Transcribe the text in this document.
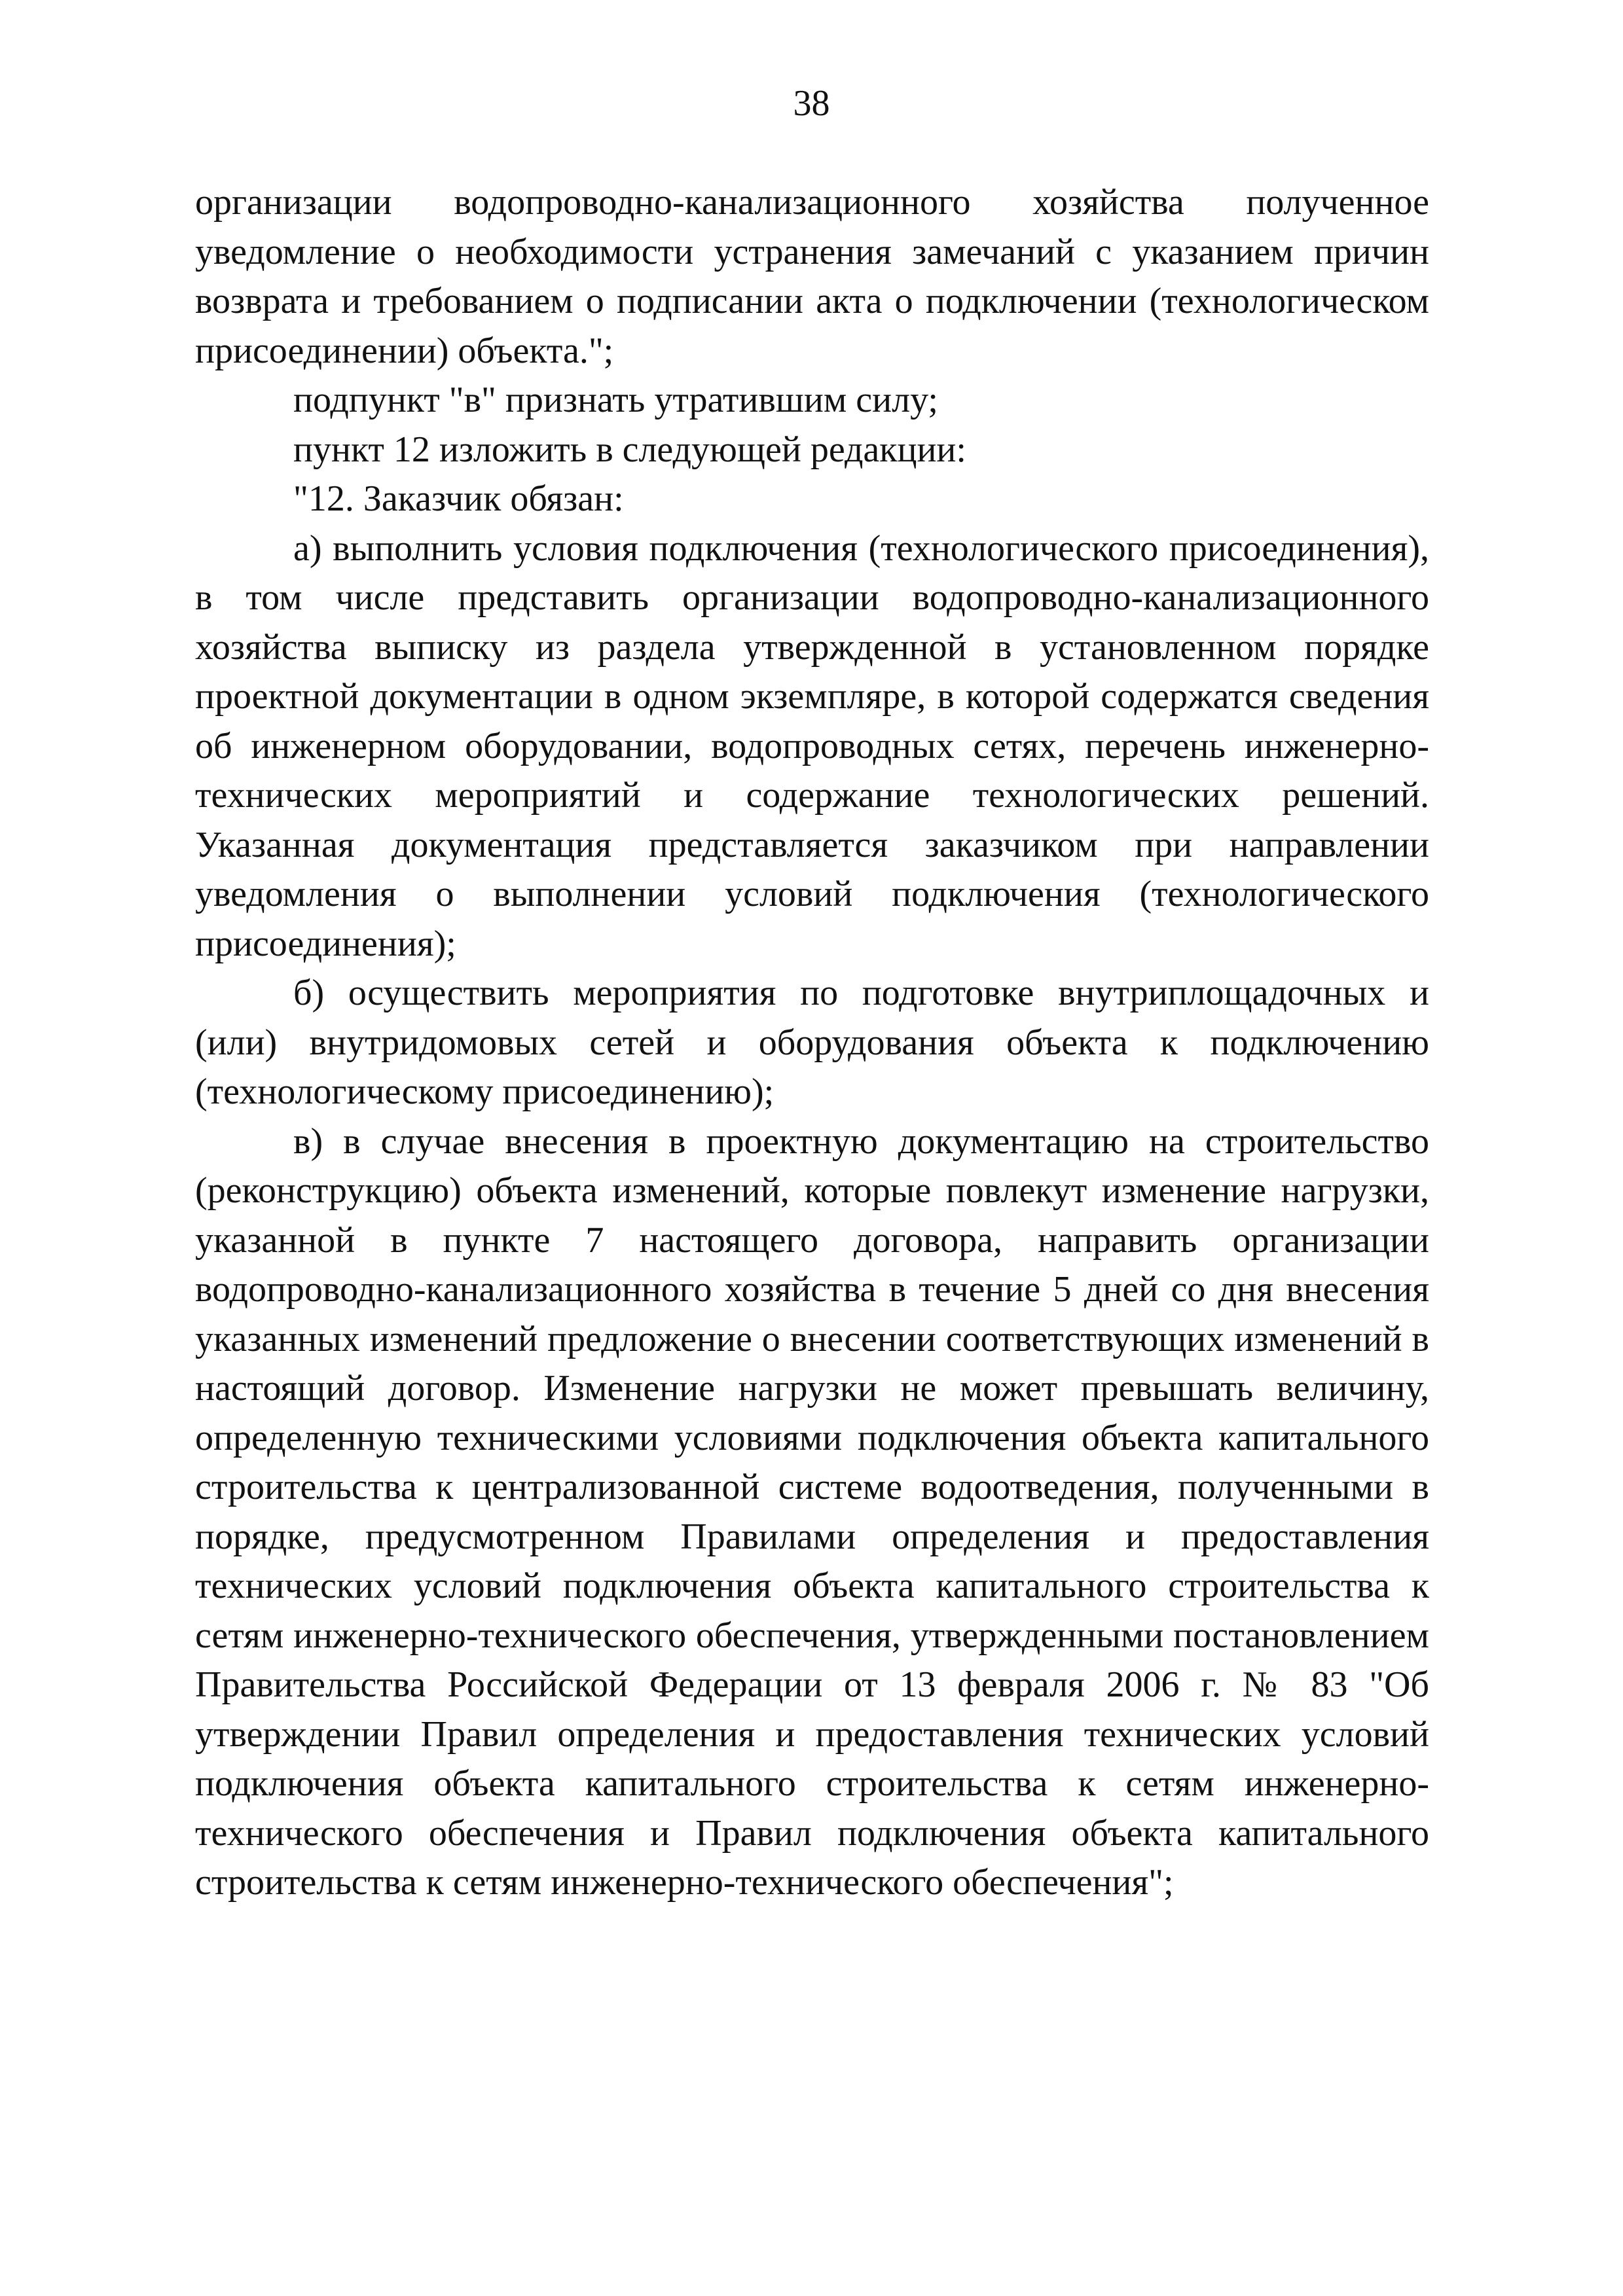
38

организации водопроводно-канализационного хозяйства полученное уведомление о необходимости устранения замечаний с указанием причин возврата и требованием о подписании акта о подключении (технологическом присоединении) объекта.";

подпункт "в" признать утратившим силу;

пункт 12 изложить в следующей редакции:

"12. Заказчик обязан:

а) выполнить условия подключения (технологического присоединения), в том числе представить организации водопроводно-канализационного хозяйства выписку из раздела утвержденной в установленном порядке проектной документации в одном экземпляре, в которой содержатся сведения об инженерном оборудовании, водопроводных сетях, перечень инженерно-технических мероприятий и содержание технологических решений. Указанная документация представляется заказчиком при направлении уведомления о выполнении условий подключения (технологического присоединения);

б) осуществить мероприятия по подготовке внутриплощадочных и (или) внутридомовых сетей и оборудования объекта к подключению (технологическому присоединению);

в) в случае внесения в проектную документацию на строительство (реконструкцию) объекта изменений, которые повлекут изменение нагрузки, указанной в пункте 7 настоящего договора, направить организации водопроводно-канализационного хозяйства в течение 5 дней со дня внесения указанных изменений предложение о внесении соответствующих изменений в настоящий договор. Изменение нагрузки не может превышать величину, определенную техническими условиями подключения объекта капитального строительства к централизованной системе водоотведения, полученными в порядке, предусмотренном Правилами определения и предоставления технических условий подключения объекта капитального строительства к сетям инженерно-технического обеспечения, утвержденными постановлением Правительства Российской Федерации от 13 февраля 2006 г. № 83 "Об утверждении Правил определения и предоставления технических условий подключения объекта капитального строительства к сетям инженерно-технического обеспечения и Правил подключения объекта капитального строительства к сетям инженерно-технического обеспечения";
